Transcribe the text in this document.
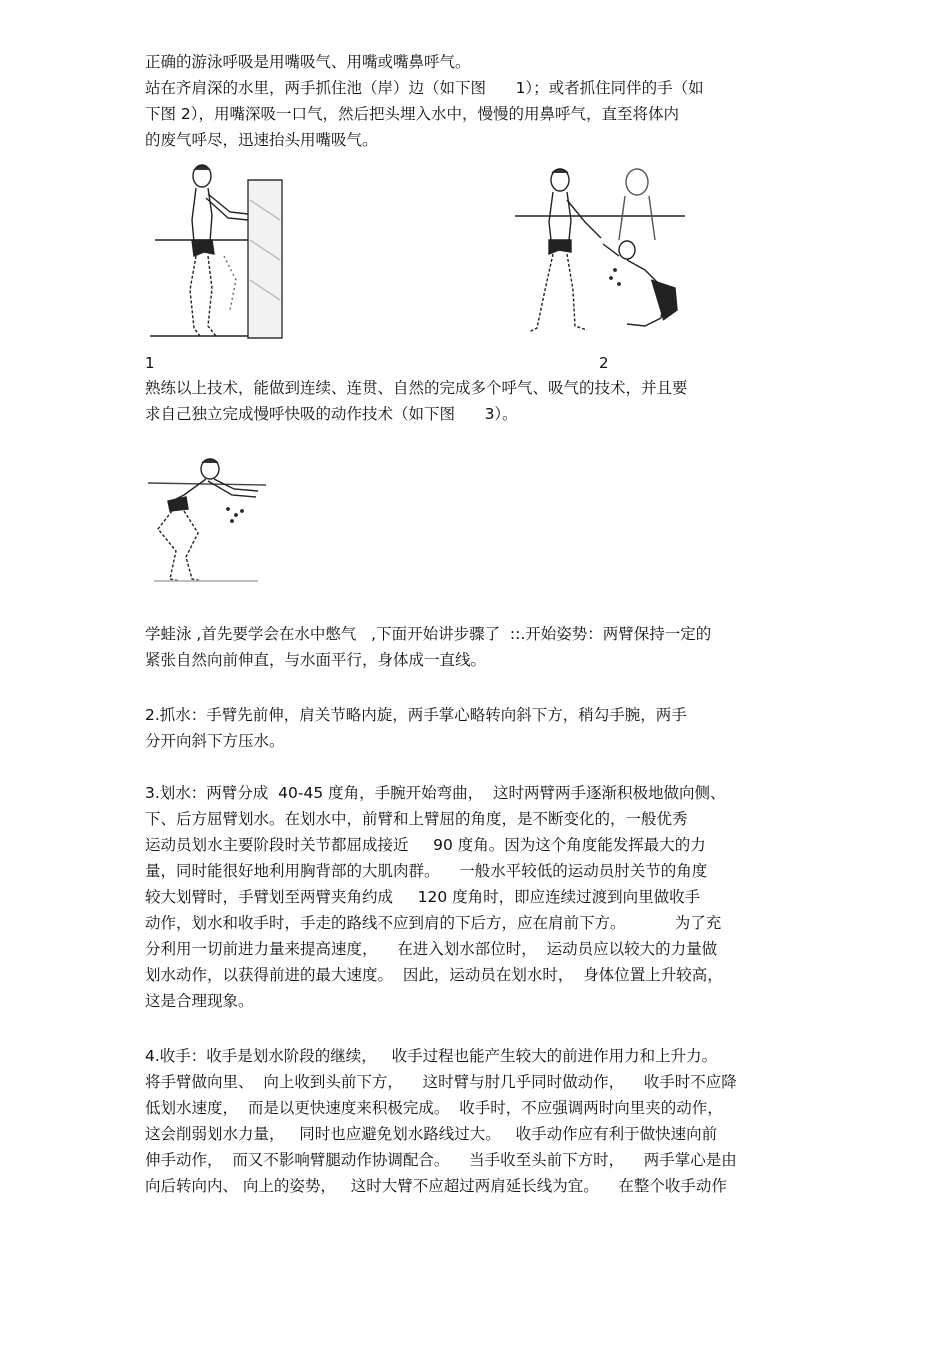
正确的游泳呼吸是用嘴吸气、用嘴或嘴鼻呼气。

站在齐肩深的水里，两手抓住池（岸）边（如下图      1）；或者抓住同伴的手（如

下图 2），用嘴深吸一口气，然后把头埋入水中，慢慢的用鼻呼气，直至将体内

的废气呼尽，迅速抬头用嘴吸气。

1	2

熟练以上技术，能做到连续、连贯、自然的完成多个呼气、吸气的技术，并且要

求自己独立完成慢呼快吸的动作技术（如下图      3）。

学蛙泳 ,首先要学会在水中憋气   ,下面开始讲步骤了  ::.开始姿势：两臂保持一定的

紧张自然向前伸直，与水面平行，身体成一直线。

2.抓水：手臂先前伸，肩关节略内旋，两手掌心略转向斜下方，稍勾手腕，两手

分开向斜下方压水。

3.划水：两臂分成  40-45 度角，手腕开始弯曲，  这时两臂两手逐渐积极地做向侧、

下、后方屈臂划水。在划水中，前臂和上臂屈的角度，是不断变化的，一般优秀

运动员划水主要阶段时关节都屈成接近     90 度角。因为这个角度能发挥最大的力

量，同时能很好地利用胸背部的大肌肉群。    一般水平较低的运动员肘关节的角度

较大划臂时，手臂划至两臂夹角约成     120 度角时，即应连续过渡到向里做收手

动作，划水和收手时，手走的路线不应到肩的下后方，应在肩前下方。          为了充

分利用一切前进力量来提高速度，    在进入划水部位时，  运动员应以较大的力量做

划水动作，以获得前进的最大速度。  因此，运动员在划水时，  身体位置上升较高，

这是合理现象。

4.收手：收手是划水阶段的继续，   收手过程也能产生较大的前进作用力和上升力。

将手臂做向里、  向上收到头前下方，    这时臂与肘几乎同时做动作，    收手时不应降

低划水速度，  而是以更快速度来积极完成。  收手时，不应强调两时向里夹的动作，

这会削弱划水力量，   同时也应避免划水路线过大。   收手动作应有利于做快速向前

伸手动作，  而又不影响臂腿动作协调配合。    当手收至头前下方时，    两手掌心是由

向后转向内、 向上的姿势，   这时大臂不应超过两肩延长线为宜。    在整个收手动作
